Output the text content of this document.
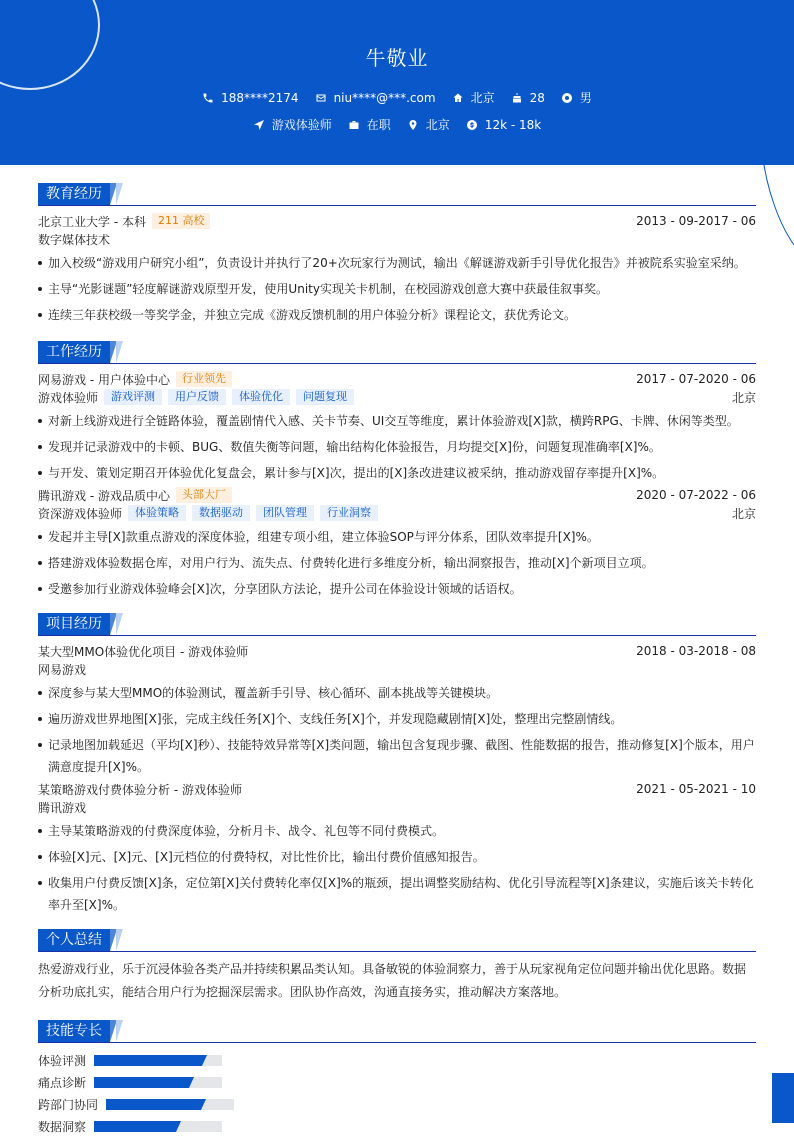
牛敬业
188****2174	niu****@***.com	北京	28	男
游戏体验师	在职	北京	12k - 18k
教育经历
北京工业大学 - 本科	211 高校	2013 - 09-2017 - 06
数字媒体技术
加入校级“游戏用户研究小组”，负责设计并执行了20+次玩家行为测试，输出《解谜游戏新手引导优化报告》并被院系实验室采纳。
主导“光影谜题”轻度解谜游戏原型开发，使用Unity实现关卡机制，在校园游戏创意大赛中获最佳叙事奖。
连续三年获校级一等奖学金，并独立完成《游戏反馈机制的用户体验分析》课程论文，获优秀论文。
工作经历
网易游戏 - 用户体验中心	行业领先	2017 - 07-2020 - 06
游戏体验师	游戏评测	用户反馈	体验优化	问题复现	北京
对新上线游戏进行全链路体验，覆盖剧情代入感、关卡节奏、UI交互等维度，累计体验游戏[X]款，横跨RPG、卡牌、休闲等类型。
发现并记录游戏中的卡顿、BUG、数值失衡等问题，输出结构化体验报告，月均提交[X]份，问题复现准确率[X]%。
与开发、策划定期召开体验优化复盘会，累计参与[X]次，提出的[X]条改进建议被采纳，推动游戏留存率提升[X]%。
腾讯游戏 - 游戏品质中心	头部大厂	2020 - 07-2022 - 06
资深游戏体验师	体验策略	数据驱动	团队管理	行业洞察	北京
发起并主导[X]款重点游戏的深度体验，组建专项小组，建立体验SOP与评分体系，团队效率提升[X]%。
搭建游戏体验数据仓库，对用户行为、流失点、付费转化进行多维度分析，输出洞察报告，推动[X]个新项目立项。
受邀参加行业游戏体验峰会[X]次，分享团队方法论，提升公司在体验设计领域的话语权。
项目经历
某大型MMO体验优化项目 - 游戏体验师	2018 - 03-2018 - 08
网易游戏
深度参与某大型MMO的体验测试，覆盖新手引导、核心循环、副本挑战等关键模块。
遍历游戏世界地图[X]张，完成主线任务[X]个、支线任务[X]个，并发现隐藏剧情[X]处，整理出完整剧情线。
记录地图加载延迟（平均[X]秒）、技能特效异常等[X]类问题，输出包含复现步骤、截图、性能数据的报告，推动修复[X]个版本，用户满意度提升[X]%。
某策略游戏付费体验分析 - 游戏体验师	2021 - 05-2021 - 10
腾讯游戏
主导某策略游戏的付费深度体验，分析月卡、战令、礼包等不同付费模式。
体验[X]元、[X]元、[X]元档位的付费特权，对比性价比，输出付费价值感知报告。
收集用户付费反馈[X]条，定位第[X]关付费转化率仅[X]%的瓶颈，提出调整奖励结构、优化引导流程等[X]条建议，实施后该关卡转化率升至[X]%。
个人总结
热爱游戏行业，乐于沉浸体验各类产品并持续积累品类认知。具备敏锐的体验洞察力，善于从玩家视角定位问题并输出优化思路。数据分析功底扎实，能结合用户行为挖掘深层需求。团队协作高效，沟通直接务实，推动解决方案落地。
技能专长
体验评测
痛点诊断
跨部门协同
数据洞察
